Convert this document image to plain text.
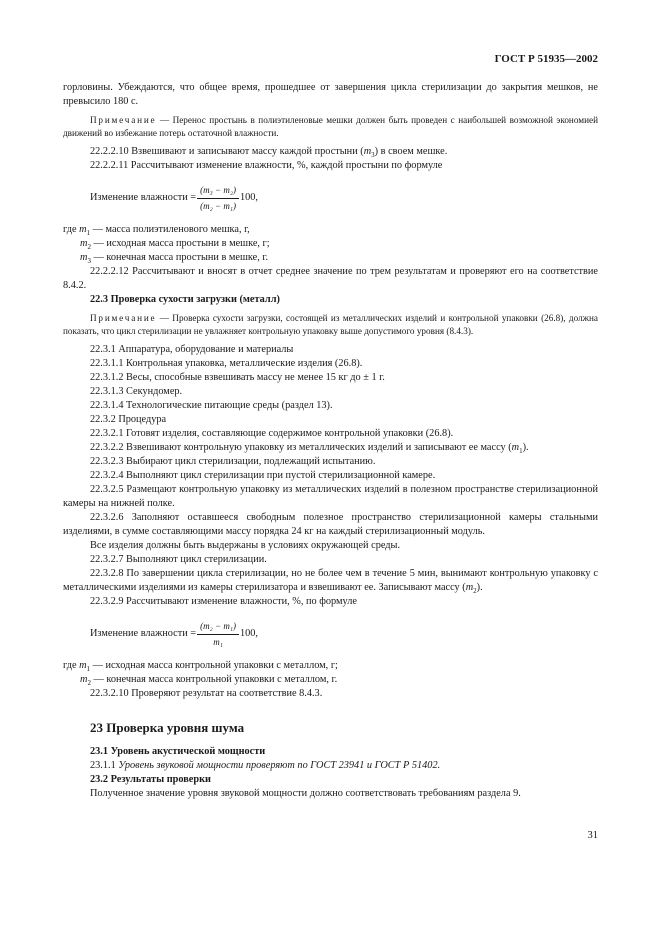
ГОСТ Р 51935—2002

горловины. Убеждаются, что общее время, прошедшее от завершения цикла стерилизации до закрытия мешков, не превысило 180 с.

Примечание — Перенос простынь в полиэтиленовые мешки должен быть проведен с наибольшей возможной экономией движений во избежание потерь остаточной влажности.

22.2.2.10 Взвешивают и записывают массу каждой простыни $(m_3)$ в своем мешке.

22.2.2.11 Рассчитывают изменение влажности, %, каждой простыни по формуле

Изменение влажности = $\frac{\text{(m₃ − m₂)}}{\text{(m₂ − m₁)}} 100$,

где $m_1$ — масса полиэтиленового мешка, г,

$m_2$ — исходная масса простыни в мешке, г;

$m_3$ — конечная масса простыни в мешке, г.

22.2.2.12 Рассчитывают и вносят в отчет среднее значение по трем результатам и проверяют его на соответствие 8.4.2.

22.3 Проверка сухости загрузки (металл)

Примечание — Проверка сухости загрузки, состоящей из металлических изделий и контрольной упаковки (26.8), должна показать, что цикл стерилизации не увлажняет контрольную упаковку выше допустимого уровня (8.4.3).

22.3.1 Аппаратура, оборудование и материалы

22.3.1.1 Контрольная упаковка, металлические изделия (26.8).

22.3.1.2 Весы, способные взвешивать массу не менее 15 кг до ± 1 г.

22.3.1.3 Секундомер.

22.3.1.4 Технологические питающие среды (раздел 13).

22.3.2 Процедура

22.3.2.1 Готовят изделия, составляющие содержимое контрольной упаковки (26.8).

22.3.2.2 Взвешивают контрольную упаковку из металлических изделий и записывают ее массу $(m_1)$.

22.3.2.3 Выбирают цикл стерилизации, подлежащий испытанию.

22.3.2.4 Выполняют цикл стерилизации при пустой стерилизационной камере.

22.3.2.5 Размещают контрольную упаковку из металлических изделий в полезном пространстве стерилизационной камеры на нижней полке.

22.3.2.6 Заполняют оставшееся свободным полезное пространство стерилизационной камеры стальными изделиями, в сумме составляющими массу порядка 24 кг на каждый стерилизационный модуль.

Все изделия должны быть выдержаны в условиях окружающей среды.

22.3.2.7 Выполняют цикл стерилизации.

22.3.2.8 По завершении цикла стерилизации, но не более чем в течение 5 мин, вынимают контрольную упаковку с металлическими изделиями из камеры стерилизатора и взвешивают ее. Записывают массу $(m_2)$.

22.3.2.9 Рассчитывают изменение влажности, %, по формуле

Изменение влажности = $\frac{\text{(m₂ − m₁)}}{\text{m₁}} 100$,

где $m_1$ — исходная масса контрольной упаковки с металлом, г;

$m_2$ — конечная масса контрольной упаковки с металлом, г.

22.3.2.10 Проверяют результат на соответствие 8.4.3.

23 Проверка уровня шума

23.1 Уровень акустической мощности

23.1.1 Уровень звуковой мощности проверяют по ГОСТ 23941 и ГОСТ Р 51402.

23.2 Результаты проверки

Полученное значение уровня звуковой мощности должно соответствовать требованиям раздела 9.

31
